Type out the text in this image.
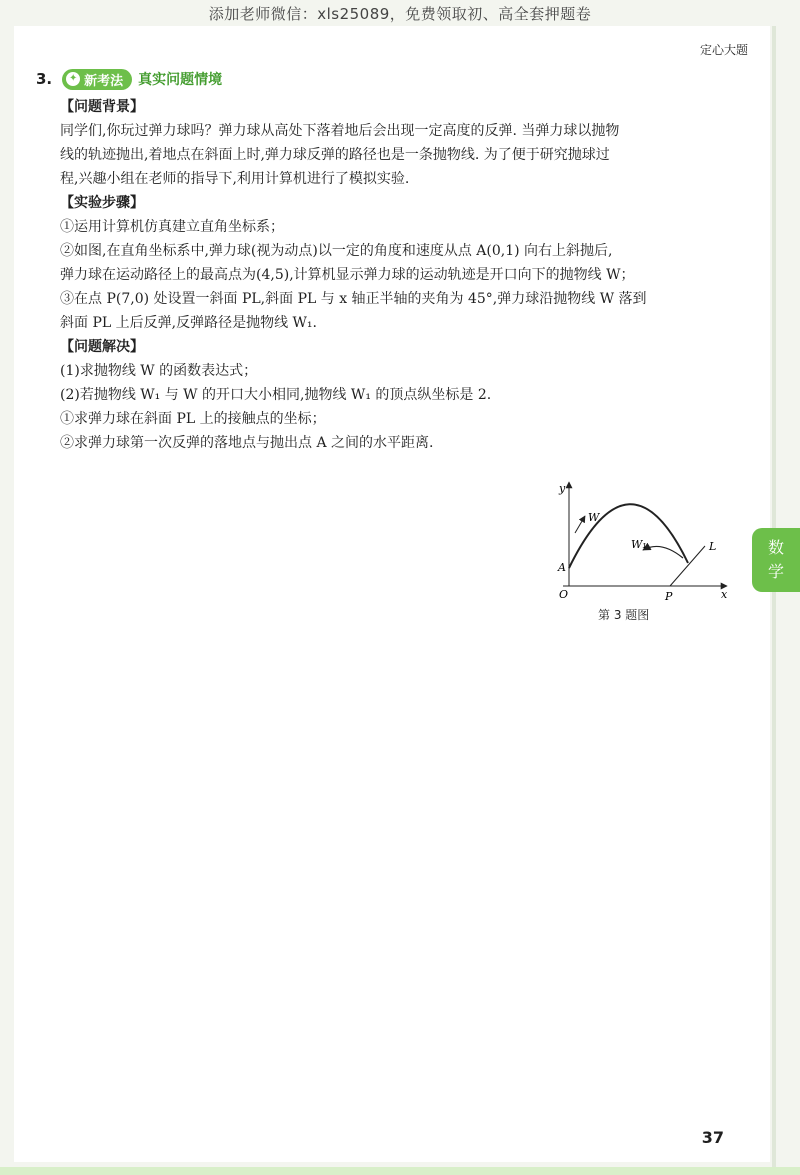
添加老师微信：xls25089，免费领取初、高全套押题卷
定心大题
3. ✦ 新考法 真实问题情境

【问题背景】

同学们,你玩过弹力球吗？弹力球从高处下落着地后会出现一定高度的反弹. 当弹力球以抛物

线的轨迹抛出,着地点在斜面上时,弹力球反弹的路径也是一条抛物线. 为了便于研究抛球过

程,兴趣小组在老师的指导下,利用计算机进行了模拟实验.

【实验步骤】

①运用计算机仿真建立直角坐标系；

②如图,在直角坐标系中,弹力球(视为动点)以一定的角度和速度从点 A(0,1) 向右上斜抛后,

弹力球在运动路径上的最高点为(4,5),计算机显示弹力球的运动轨迹是开口向下的抛物线 W；

③在点 P(7,0) 处设置一斜面 PL,斜面 PL 与 x 轴正半轴的夹角为 45°,弹力球沿抛物线 W 落到

斜面 PL 上后反弹,反弹路径是抛物线 W₁.

【问题解决】

(1)求抛物线 W 的函数表达式；

(2)若抛物线 W₁ 与 W 的开口大小相同,抛物线 W₁ 的顶点纵坐标是 2.

①求弹力球在斜面 PL 上的接触点的坐标；

②求弹力球第一次反弹的落地点与抛出点 A 之间的水平距离.

y
x
O
A
P
L
W
W₁
第 3 题图
数
学
37
